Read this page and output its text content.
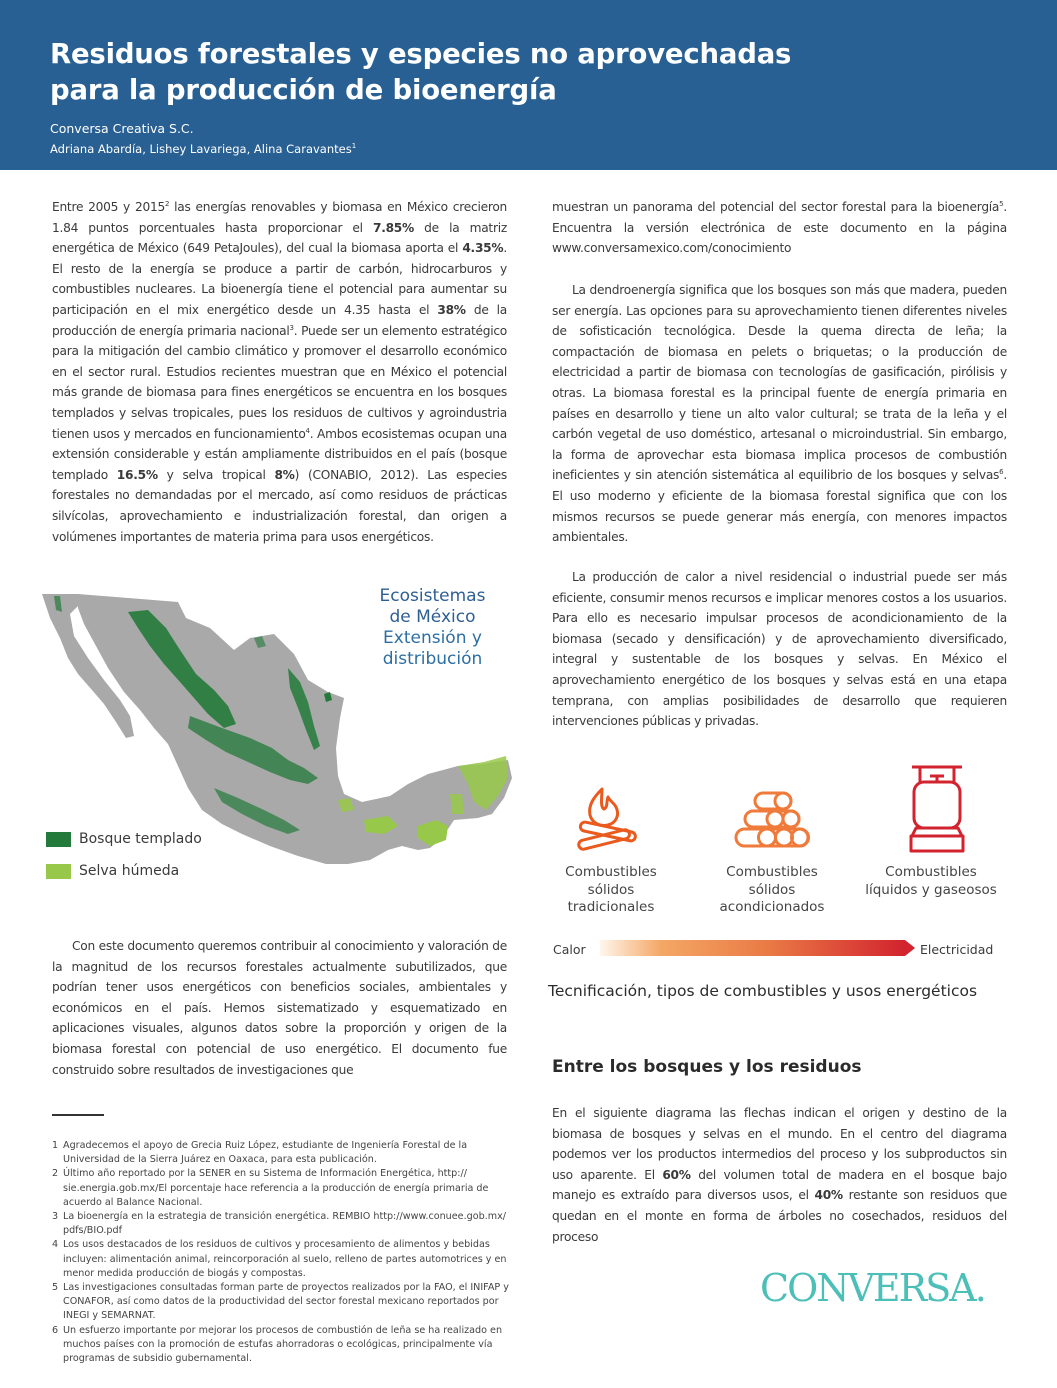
Residuos forestales y especies no aprovechadas
para la producción de bioenergía
Conversa Creativa S.C.
Adriana Abardía, Lishey Lavariega, Alina Caravantes$^1$
Entre 2005 y 2015$^2$ las energías renovables y biomasa en México crecieron 1.84 puntos porcentuales hasta proporcionar el 7.85% de la matriz energética de México (649 PetaJoules), del cual la biomasa aporta el 4.35%. El resto de la energía se produce a partir de carbón, hidrocarburos y combustibles nucleares. La bioenergía tiene el potencial para aumentar su participación en el mix energético desde un 4.35 hasta el 38% de la producción de energía primaria nacional$^3$. Puede ser un elemento estratégico para la mitigación del cambio climático y promover el desarrollo económico en el sector rural. Estudios recientes muestran que en México el potencial más grande de biomasa para fines energéticos se encuentra en los bosques templados y selvas tropicales, pues los residuos de cultivos y agroindustria tienen usos y mercados en funcionamiento$^4$. Ambos ecosistemas ocupan una extensión considerable y están ampliamente distribuidos en el país (bosque templado 16.5% y selva tropical 8%) (CONABIO, 2012). Las especies forestales no demandadas por el mercado, así como residuos de prácticas silvícolas, aprovechamiento e industrialización forestal, dan origen a volúmenes importantes de materia prima para usos energéticos.
Ecosistemas
de México
Extensión y
distribución
Bosque templado
Selva húmeda
Con este documento queremos contribuir al conocimiento y valoración de la magnitud de los recursos forestales actualmente subutilizados, que podrían tener usos energéticos con beneficios sociales, ambientales y económicos en el país. Hemos sistematizado y esquematizado en aplicaciones visuales, algunos datos sobre la proporción y origen de la biomasa forestal con potencial de uso energético. El documento fue construido sobre resultados de investigaciones que
1 Agradecemos el apoyo de Grecia Ruiz López, estudiante de Ingeniería Forestal de la Universidad de la Sierra Juárez en Oaxaca, para esta publicación.
2 Último año reportado por la SENER en su Sistema de Información Energética, http:// sie.energia.gob.mx/El porcentaje hace referencia a la producción de energía primaria de acuerdo al Balance Nacional.
3 La bioenergía en la estrategia de transición energética. REMBIO http://www.conuee.gob.mx/ pdfs/BIO.pdf
4 Los usos destacados de los residuos de cultivos y procesamiento de alimentos y bebidas incluyen: alimentación animal, reincorporación al suelo, relleno de partes automotrices y en menor medida producción de biogás y compostas.
5 Las investigaciones consultadas forman parte de proyectos realizados por la FAO, el INIFAP y CONAFOR, así como datos de la productividad del sector forestal mexicano reportados por INEGI y SEMARNAT.
6 Un esfuerzo importante por mejorar los procesos de combustión de leña se ha realizado en muchos países con la promoción de estufas ahorradoras o ecológicas, principalmente vía programas de subsidio gubernamental.
muestran un panorama del potencial del sector forestal para la bioenergía$^5$. Encuentra la versión electrónica de este documento en la página www.conversamexico.com/conocimiento
La dendroenergía significa que los bosques son más que madera, pueden ser energía. Las opciones para su aprovechamiento tienen diferentes niveles de sofisticación tecnológica. Desde la quema directa de leña; la compactación de biomasa en pelets o briquetas; o la producción de electricidad a partir de biomasa con tecnologías de gasificación, pirólisis y otras. La biomasa forestal es la principal fuente de energía primaria en países en desarrollo y tiene un alto valor cultural; se trata de la leña y el carbón vegetal de uso doméstico, artesanal o microindustrial. Sin embargo, la forma de aprovechar esta biomasa implica procesos de combustión ineficientes y sin atención sistemática al equilibrio de los bosques y selvas$^6$. El uso moderno y eficiente de la biomasa forestal significa que con los mismos recursos se puede generar más energía, con menores impactos ambientales.
La producción de calor a nivel residencial o industrial puede ser más eficiente, consumir menos recursos e implicar menores costos a los usuarios. Para ello es necesario impulsar procesos de acondicionamiento de la biomasa (secado y densificación) y de aprovechamiento diversificado, integral y sustentable de los bosques y selvas. En México el aprovechamiento energético de los bosques y selvas está en una etapa temprana, con amplias posibilidades de desarrollo que requieren intervenciones públicas y privadas.
Combustibles
sólidos
tradicionales
Combustibles
sólidos
acondicionados
Combustibles
líquidos y gaseosos
Calor	Electricidad
Tecnificación, tipos de combustibles y usos energéticos
Entre los bosques y los residuos
En el siguiente diagrama las flechas indican el origen y destino de la biomasa de bosques y selvas en el mundo. En el centro del diagrama podemos ver los productos intermedios del proceso y los subproductos sin uso aparente. El 60% del volumen total de madera en el bosque bajo manejo es extraído para diversos usos, el 40% restante son residuos que quedan en el monte en forma de árboles no cosechados, residuos del proceso
CONVERSA.
